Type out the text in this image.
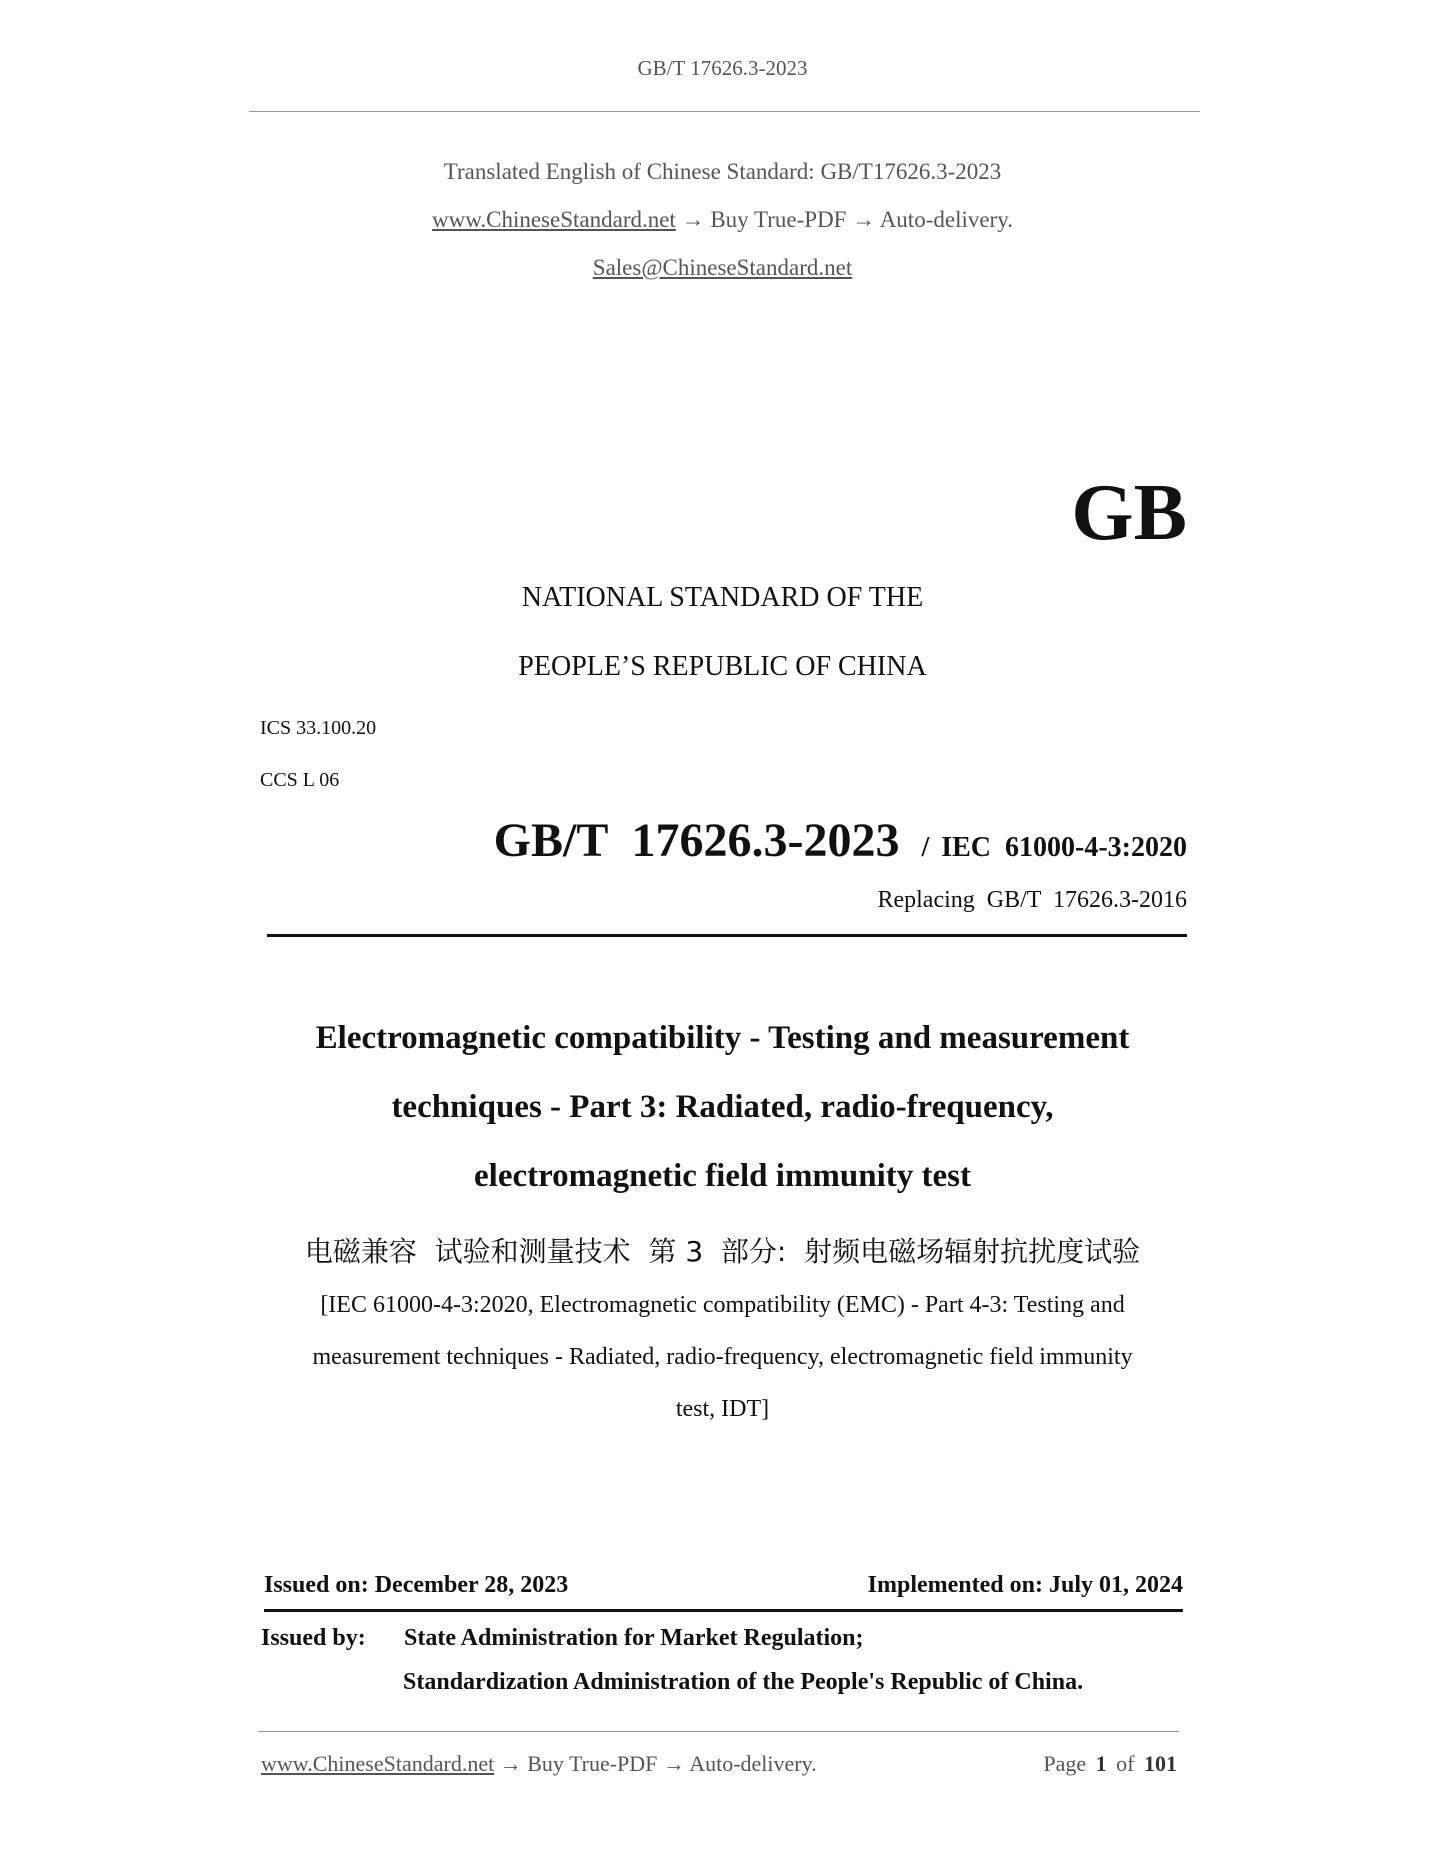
GB/T 17626.3-2023
Translated English of Chinese Standard: GB/T17626.3-2023
www.ChineseStandard.net → Buy True-PDF → Auto-delivery.
Sales@ChineseStandard.net
GB
NATIONAL STANDARD OF THE
PEOPLE’S REPUBLIC OF CHINA
ICS 33.100.20
CCS L 06
GB/T  17626.3-2023 / IEC  61000-4-3:2020
Replacing  GB/T  17626.3-2016
Electromagnetic compatibility - Testing and measurement
techniques - Part 3: Radiated, radio-frequency,
electromagnetic field immunity test
电磁兼容  试验和测量技术  第 3  部分:  射频电磁场辐射抗扰度试验
[IEC 61000-4-3:2020, Electromagnetic compatibility (EMC) - Part 4-3: Testing and
measurement techniques - Radiated, radio-frequency, electromagnetic field immunity
test, IDT]
Issued on: December 28, 2023	Implemented on: July 01, 2024
Issued by: State Administration for Market Regulation;
Standardization Administration of the People's Republic of China.
www.ChineseStandard.net → Buy True-PDF → Auto-delivery.	Page 1 of 101
